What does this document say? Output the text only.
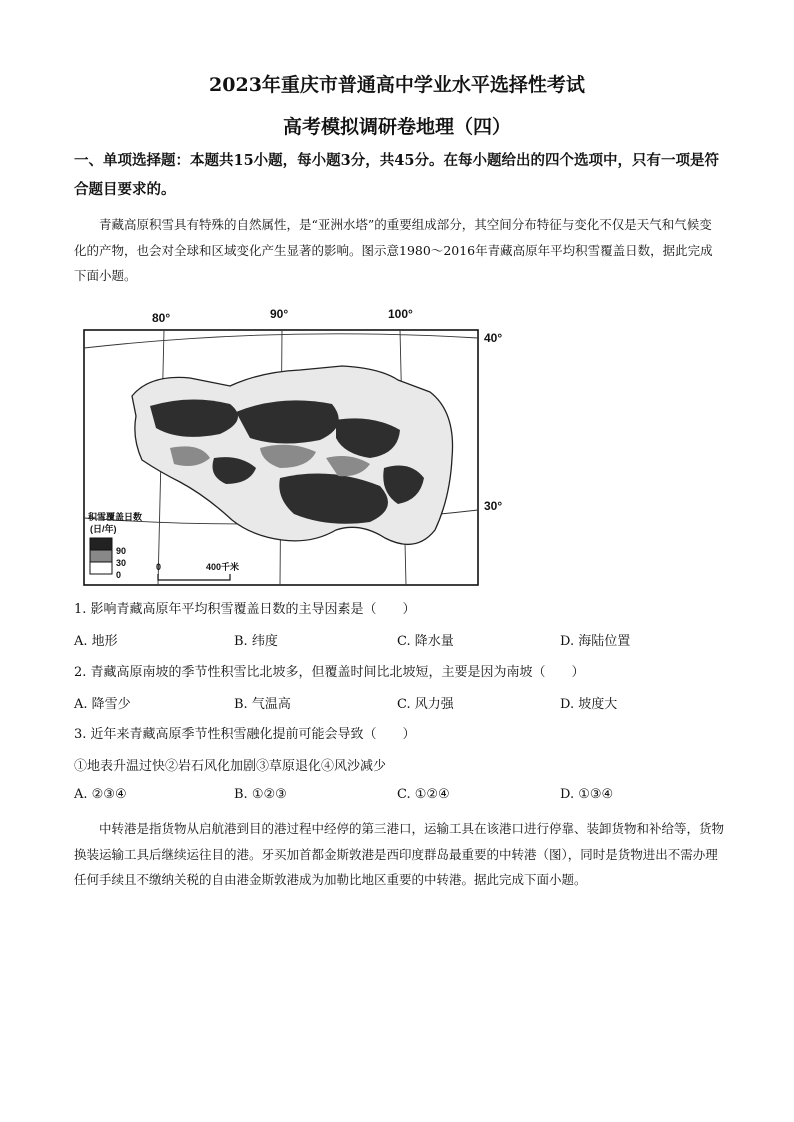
2023年重庆市普通高中学业水平选择性考试
高考模拟调研卷地理（四）
一、单项选择题：本题共15小题，每小题3分，共45分。在每小题给出的四个选项中，只有一项是符合题目要求的。
青藏高原积雪具有特殊的自然属性，是“亚洲水塔”的重要组成部分，其空间分布特征与变化不仅是天气和气候变化的产物，也会对全球和区域变化产生显著的影响。图示意1980～2016年青藏高原年平均积雪覆盖日数，据此完成下面小题。
80°	90°	100°
40°
30°
积雪覆盖日数
(日/年)
90
30
0
0	400千米
1. 影响青藏高原年平均积雪覆盖日数的主导因素是（　　）
A. 地形	B. 纬度	C. 降水量	D. 海陆位置
2. 青藏高原南坡的季节性积雪比北坡多，但覆盖时间比北坡短，主要是因为南坡（　　）
A. 降雪少	B. 气温高	C. 风力强	D. 坡度大
3. 近年来青藏高原季节性积雪融化提前可能会导致（　　）
①地表升温过快②岩石风化加剧③草原退化④风沙减少
A. ②③④	B. ①②③	C. ①②④	D. ①③④
中转港是指货物从启航港到目的港过程中经停的第三港口，运输工具在该港口进行停靠、装卸货物和补给等，货物换装运输工具后继续运往目的港。牙买加首都金斯敦港是西印度群岛最重要的中转港（图），同时是货物进出不需办理任何手续且不缴纳关税的自由港金斯敦港成为加勒比地区重要的中转港。据此完成下面小题。
